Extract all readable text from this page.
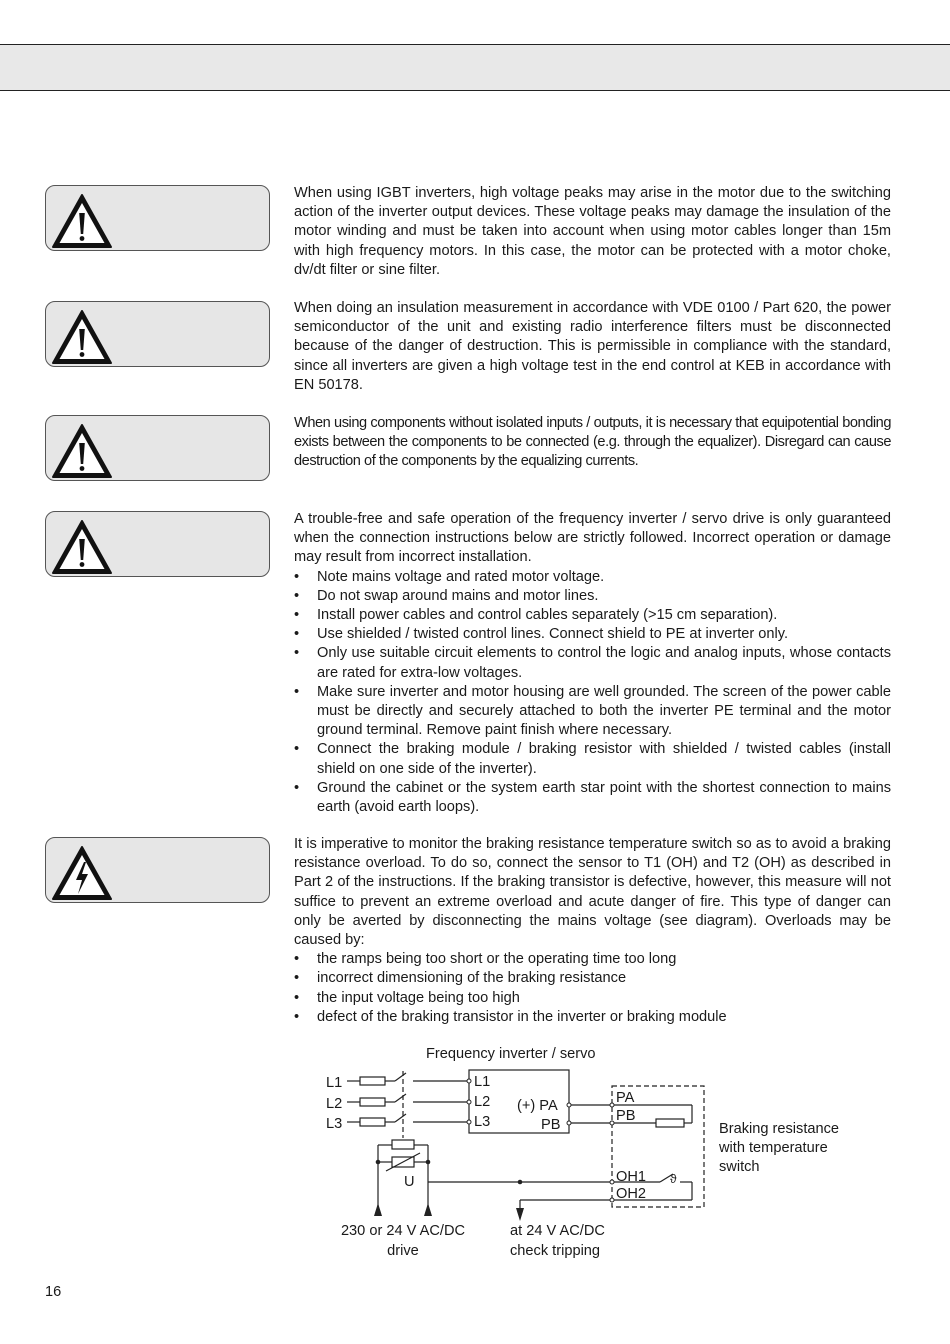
When using IGBT inverters, high voltage peaks may arise in the motor due to the switching action of the inverter output devices. These voltage peaks may damage the insulation of the motor winding and must be taken into account when using motor cables longer than 15m with high frequency motors. In this case, the motor can be protected with a motor choke, dv/dt filter or sine filter.
When doing an insulation measurement in accordance with VDE 0100 / Part 620, the power semiconductor of the unit and existing radio interference filters must be disconnected because of the danger of destruction. This is permissible in compliance with the standard, since all inverters are given a high voltage test in the end control at KEB in accordance with EN 50178.
When using components without isolated inputs / outputs, it is necessary that equipotential bonding exists between the components to be connected (e.g. through the equalizer). Disregard can cause destruction of the components by the equalizing currents.
A trouble-free and safe operation of the frequency inverter / servo drive is only guaranteed when the connection instructions below are strictly followed. Incorrect operation or damage may result from incorrect installation.
• Note mains voltage and rated motor voltage.
• Do not swap around mains and motor lines.
• Install power cables and control cables separately (>15 cm separation).
• Use shielded / twisted control lines. Connect shield to PE at inverter only.
• Only use suitable circuit elements to control the logic and analog inputs, whose contacts are rated for extra-low voltages.
• Make sure inverter and motor housing are well grounded. The screen of the power cable must be directly and securely attached to both the inverter PE terminal and the motor ground terminal. Remove paint finish where necessary.
• Connect the braking module / braking resistor with shielded / twisted cables (install shield on one side of the inverter).
• Ground the cabinet or the system earth star point with the shortest connection to mains earth (avoid earth loops).
It is imperative to monitor the braking resistance temperature switch so as to avoid a braking resistance overload. To do so, connect the sensor to T1 (OH) and T2 (OH) as described in Part 2 of the instructions. If the braking transistor is defective, however, this measure will not suffice to prevent an extreme overload and acute danger of fire. This type of danger can only be averted by disconnecting the mains voltage (see diagram). Overloads may be caused by:
• the ramps being too short or the operating time too long
• incorrect dimensioning of the braking resistance
• the input voltage being too high
• defect of the braking transistor in the inverter or braking module
Frequency inverter / servo
L1
L2
L3
L1
L2
L3
(+) PA
PB
PA
PB
OH1
OH2
ϑ
U
Braking resistance
with temperature
switch
230 or 24 V AC/DC
drive
at 24 V AC/DC
check tripping
16
